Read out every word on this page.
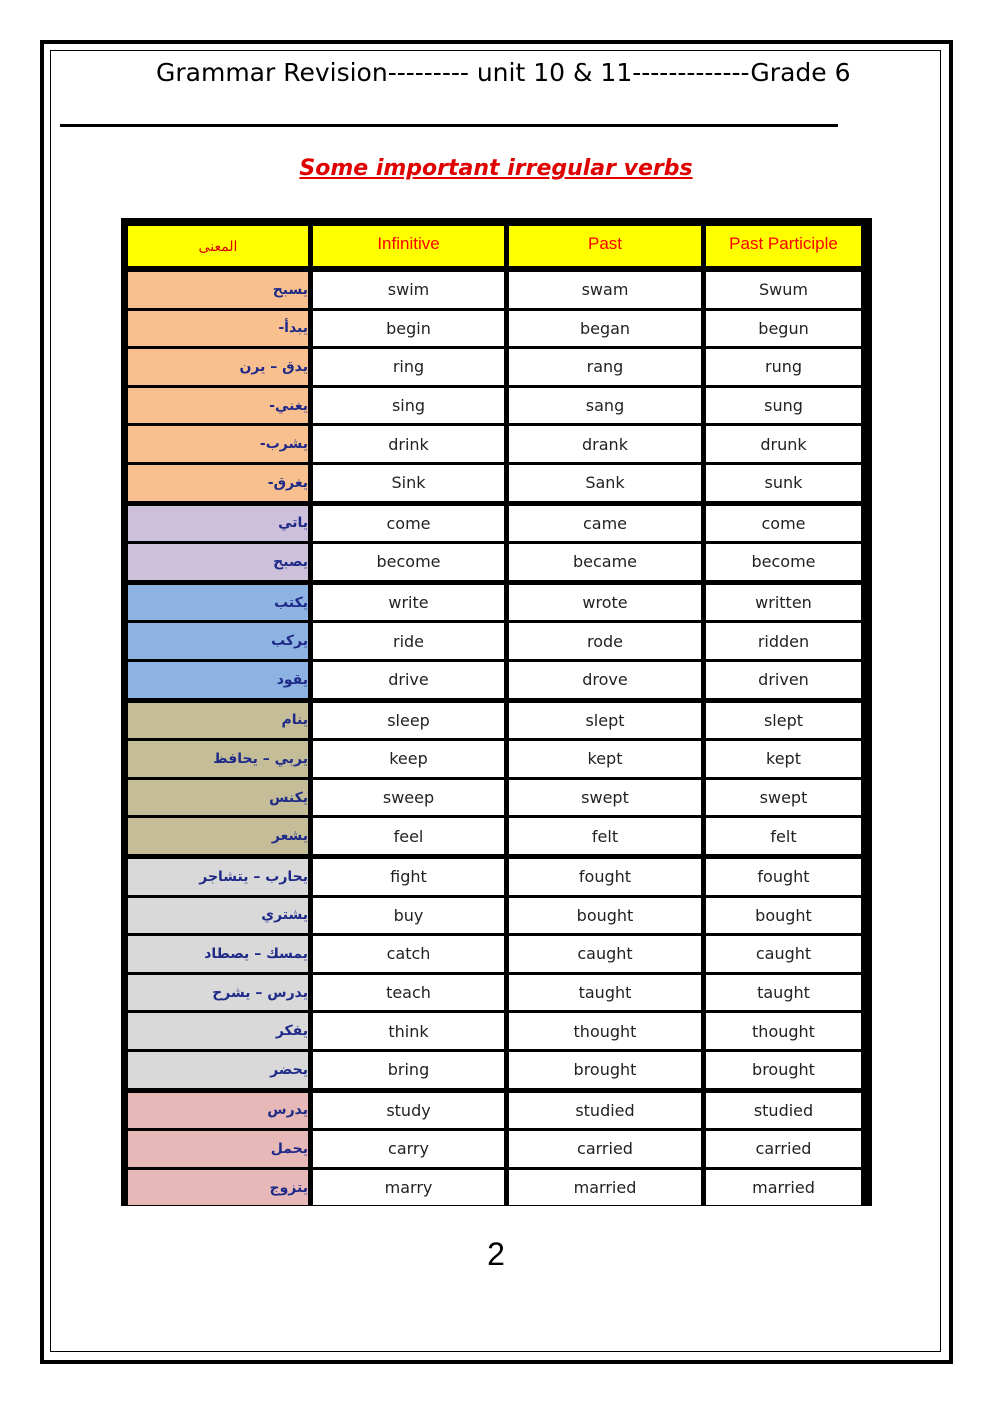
Grammar Revision--------- unit 10 & 11-------------Grade 6
Some important irregular verbs
المعنى	Infinitive	Past	Past Participle
يسبح	swim	swam	Swum
يبدأ-	begin	began	begun
يدق – يرن	ring	rang	rung
يغني-	sing	sang	sung
يشرب-	drink	drank	drunk
يغرق-	Sink	Sank	sunk
ياتي	come	came	come
يصبح	become	became	become
يكتب	write	wrote	written
يركب	ride	rode	ridden
يقود	drive	drove	driven
ينام	sleep	slept	slept
يربي – يحافظ	keep	kept	kept
يكنس	sweep	swept	swept
يشعر	feel	felt	felt
يحارب – يتشاجر	fight	fought	fought
يشتري	buy	bought	bought
يمسك – يصطاد	catch	caught	caught
يدرس – يشرح	teach	taught	taught
يفكر	think	thought	thought
يحضر	bring	brought	brought
يدرس	study	studied	studied
يحمل	carry	carried	carried
يتزوج	marry	married	married
2
